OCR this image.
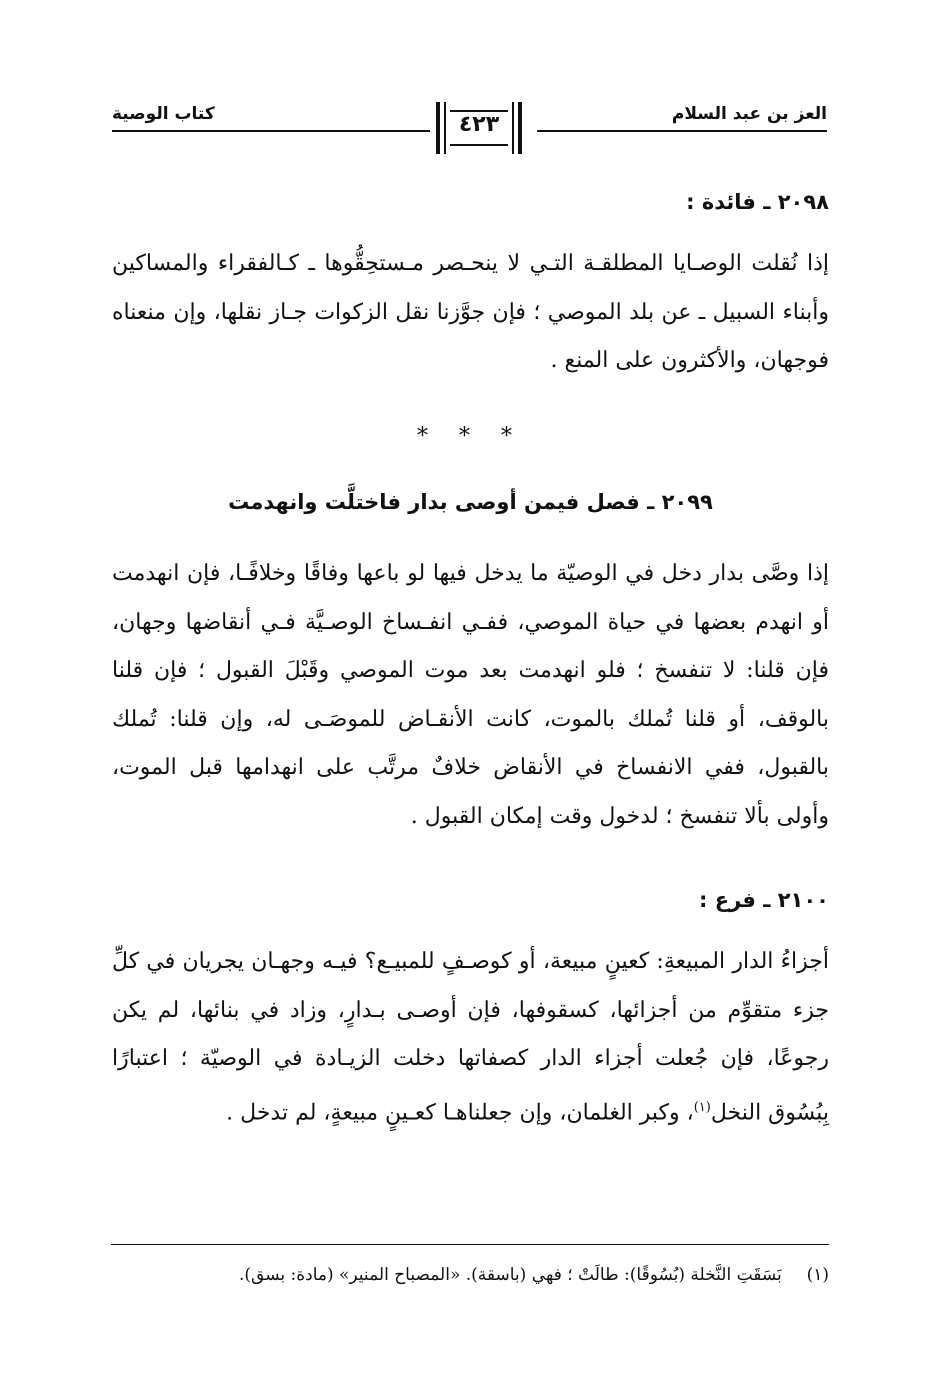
العز بن عبد السلام
٤٢٣
كتاب الوصية
٢٠٩٨ ـ فائدة :
إذا نُقلت الوصـايا المطلقـة التـي لا ينحـصر مـستحِقُّوها ـ كـالفقراء والمساكين وأبناء السبيل ـ عن بلد الموصي ؛ فإن جوَّزنا نقل الزكوات جـاز نقلها، وإن منعناه فوجهان، والأكثرون على المنع .
* * *
٢٠٩٩ ـ فصل فيمن أوصى بدار فاختلَّت وانهدمت
إذا وصَّى بدار دخل في الوصيّة ما يدخل فيها لو باعها وفاقًا وخلافًـا، فإن انهدمت أو انهدم بعضها في حياة الموصي، ففـي انفـساخ الوصـيَّة فـي أنقاضها وجهان، فإن قلنا: لا تنفسخ ؛ فلو انهدمت بعد موت الموصي وقَبْلَ القبول ؛ فإن قلنا بالوقف، أو قلنا تُملك بالموت، كانت الأنقـاض للموصَـى له، وإن قلنا: تُملك بالقبول، ففي الانفساخ في الأنقاض خلافٌ مرتَّب على انهدامها قبل الموت، وأولى بألا تنفسخ ؛ لدخول وقت إمكان القبول .
٢١٠٠ ـ فرع :
أجزاءُ الدار المبيعةِ: كعينٍ مبيعة، أو كوصـفٍ للمبيـع؟ فيـه وجهـان يجريان في كلِّ جزء متقوِّم من أجزائها، كسقوفها، فإن أوصـى بـدارٍ، وزاد في بنائها، لم يكن رجوعًا، فإن جُعلت أجزاء الدار كصفاتها دخلت الزيـادة في الوصيّة ؛ اعتبارًا بِبُسُوق النخل$^{(١)}$، وكبر الغلمان، وإن جعلناهـا كعـينٍ مبيعةٍ، لم تدخل .
(١)  بَسَقَتِ النَّخلة (بُسُوقًا): طالَتْ ؛ فهي (باسقة). «المصباح المنير» (مادة: بسق).
